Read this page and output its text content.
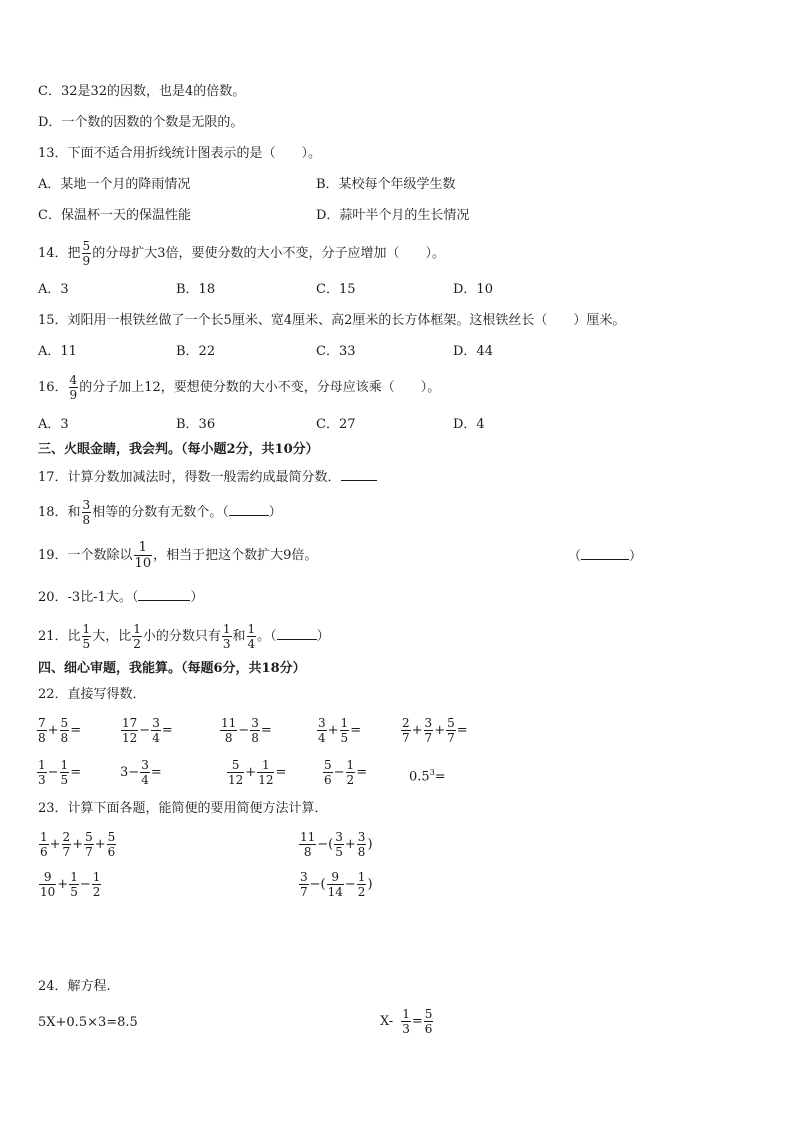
C．32是32的因数，也是4的倍数。
D．一个数的因数的个数是无限的。
13．下面不适合用折线统计图表示的是（　　）。
A．某地一个月的降雨情况	B．某校每个年级学生数
C．保温杯一天的保温性能	D．蒜叶半个月的生长情况
14．把 $\frac{5}{9}$ 的分母扩大3倍，要使分数的大小不变，分子应增加（　　）。
A．3	B．18	C．15	D．10
15．刘阳用一根铁丝做了一个长5厘米、宽4厘米、高2厘米的长方体框架。这根铁丝长（　　）厘米。
A．11	B．22	C．33	D．44
16． $\frac{4}{9}$ 的分子加上12，要想使分数的大小不变，分母应该乘（　　）。
A．3	B．36	C．27	D．4
三、火眼金睛，我会判。（每小题2分，共10分）
17．计算分数加减法时，得数一般需约成最简分数．
18．和 $\frac{3}{8}$ 相等的分数有无数个。（	）
19．一个数除以 $\frac{1}{10}$ ，相当于把这个数扩大9倍。	（	）
20．-3比-1大。（	）
21．比 $\frac{1}{5}$ 大，比 $\frac{1}{2}$ 小的分数只有 $\frac{1}{3}$ 和 $\frac{1}{4}$ 。（	）
四、细心审题，我能算。（每题6分，共18分）
22．直接写得数．
$\frac{7}{8} + \frac{5}{8}$ =	$\frac{17}{12} - \frac{3}{4}$ =	$\frac{11}{8} - \frac{3}{8}$ =	$\frac{3}{4} + \frac{1}{5}$ =	$\frac{2}{7} + \frac{3}{7} + \frac{5}{7}$ =
$\frac{1}{3} - \frac{1}{5}$ =	$3- \frac{3}{4}$ =	$\frac{5}{12} + \frac{1}{12}$ =	$\frac{5}{6} - \frac{1}{2}$ =	$0.5^3=$
23．计算下面各题，能简便的要用简便方法计算．
$\frac{1}{6} + \frac{2}{7} + \frac{5}{7} + \frac{5}{6}$	$\frac{11}{8}$ −( $\frac{3}{5} + \frac{3}{8}$ )
$\frac{9}{10} + \frac{1}{5} - \frac{1}{2}$	$\frac{3}{7}$ −( $\frac{9}{14} - \frac{1}{2}$ )
24．解方程.
5X+0.5×3=8.5	$X- \frac{1}{3} = \frac{5}{6}$
